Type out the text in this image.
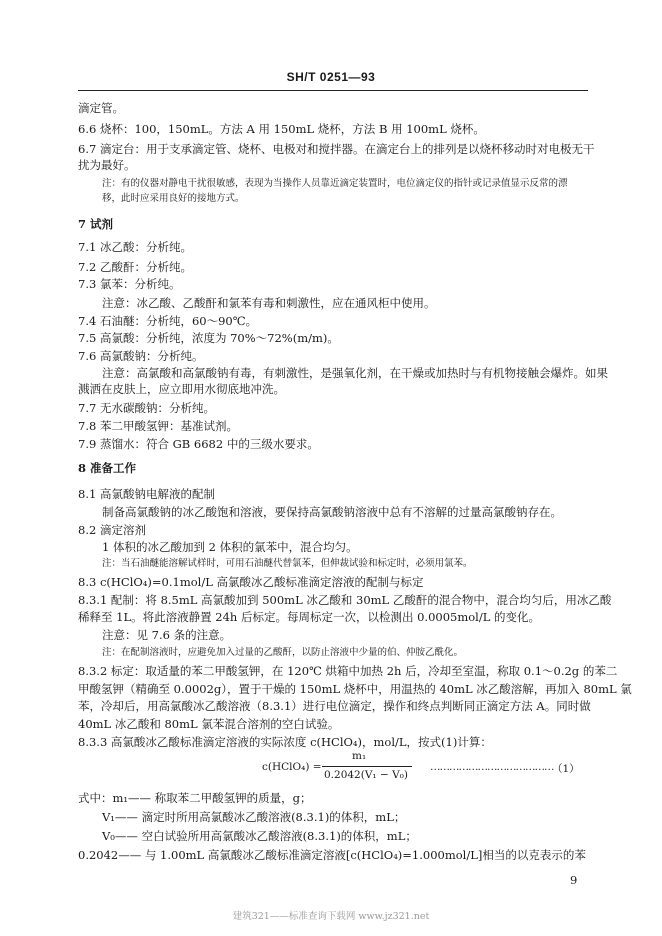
SH/T 0251—93
滴定管。
6.6 烧杯：100，150mL。方法 A 用 150mL 烧杯，方法 B 用 100mL 烧杯。
6.7 滴定台：用于支承滴定管、烧杯、电极对和搅拌器。在滴定台上的排列是以烧杯移动时对电极无干
扰为最好。
注：有的仪器对静电干扰很敏感，表现为当操作人员靠近滴定装置时，电位滴定仪的指针或记录值显示反常的漂
移，此时应采用良好的接地方式。
7 试剂
7.1 冰乙酸：分析纯。
7.2 乙酸酐：分析纯。
7.3 氯苯：分析纯。
注意：冰乙酸、乙酸酐和氯苯有毒和刺激性，应在通风柜中使用。
7.4 石油醚：分析纯，60～90℃。
7.5 高氯酸：分析纯，浓度为 70%～72%(m/m)。
7.6 高氯酸钠：分析纯。
注意：高氯酸和高氯酸钠有毒，有刺激性，是强氧化剂，在干燥或加热时与有机物接触会爆炸。如果
溅洒在皮肤上，应立即用水彻底地冲洗。
7.7 无水碳酸钠：分析纯。
7.8 苯二甲酸氢钾：基准试剂。
7.9 蒸馏水：符合 GB 6682 中的三级水要求。
8 准备工作
8.1 高氯酸钠电解液的配制
制备高氯酸钠的冰乙酸饱和溶液，要保持高氯酸钠溶液中总有不溶解的过量高氯酸钠存在。
8.2 滴定溶剂
1 体积的冰乙酸加到 2 体积的氯苯中，混合均匀。
注：当石油醚能溶解试样时，可用石油醚代替氯苯，但伸裁试验和标定时，必须用氯苯。
8.3 c(HClO₄)=0.1mol/L 高氯酸冰乙酸标准滴定溶液的配制与标定
8.3.1 配制：将 8.5mL 高氯酸加到 500mL 冰乙酸和 30mL 乙酸酐的混合物中，混合均匀后，用冰乙酸
稀释至 1L。将此溶液静置 24h 后标定。每周标定一次，以检测出 0.0005mol/L 的变化。
注意：见 7.6 条的注意。
注：在配制溶液时，应避免加入过量的乙酸酐，以防止溶液中少量的伯、仲胺乙酰化。
8.3.2 标定：取适量的苯二甲酸氢钾，在 120℃ 烘箱中加热 2h 后，冷却至室温，称取 0.1～0.2g 的苯二
甲酸氢钾（精确至 0.0002g），置于干燥的 150mL 烧杯中，用温热的 40mL 冰乙酸溶解，再加入 80mL 氯
苯，冷却后，用高氯酸冰乙酸溶液（8.3.1）进行电位滴定，操作和终点判断同正滴定方法 A。同时做
40mL 冰乙酸和 80mL 氯苯混合溶剂的空白试验。
8.3.3 高氯酸冰乙酸标准滴定溶液的实际浓度 c(HClO₄)，mol/L，按式(1)计算：
c(HClO₄) =
m₁
0.2042(V₁ − V₀)
…………………………………
（1）
式中：m₁—— 称取苯二甲酸氢钾的质量，g；
V₁—— 滴定时所用高氯酸冰乙酸溶液(8.3.1)的体积，mL；
V₀—— 空白试验所用高氯酸冰乙酸溶液(8.3.1)的体积，mL；
0.2042—— 与 1.00mL 高氯酸冰乙酸标准滴定溶液[c(HClO₄)=1.000mol/L]相当的以克表示的苯
9
建筑321——标准查询下载网 www.jz321.net
